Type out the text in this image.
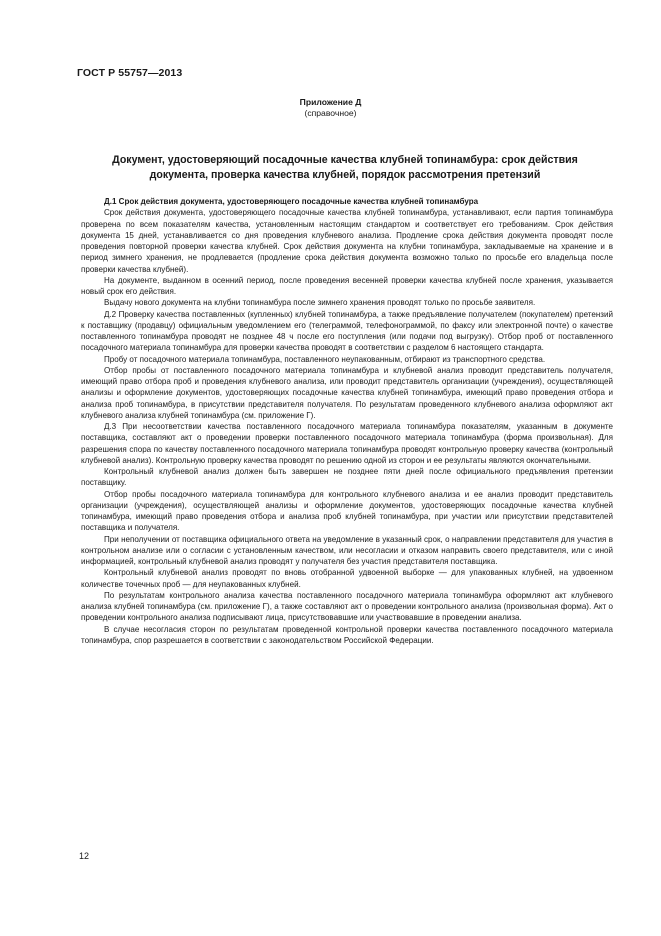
ГОСТ Р 55757—2013
Приложение Д
(справочное)
Документ, удостоверяющий посадочные качества клубней топинамбура: срок действия
документа, проверка качества клубней, порядок рассмотрения претензий

Д.1 Срок действия документа, удостоверяющего посадочные качества клубней топинамбура

Срок действия документа, удостоверяющего посадочные качества клубней топинамбура, устанавливают, если партия топинамбура проверена по всем показателям качества, установленным настоящим стандартом и соответствует его требованиям. Срок действия документа 15 дней, устанавливается со дня проведения клубневого анализа. Продление срока действия документа проводят после проведения повторной проверки качества клубней. Срок действия документа на клубни топинамбура, закладываемые на хранение и в период зимнего хранения, не продлевается (продление срока действия документа возможно только по просьбе его владельца после проверки качества клубней).

На документе, выданном в осенний период, после проведения весенней проверки качества клубней после хранения, указывается новый срок его действия.

Выдачу нового документа на клубни топинамбура после зимнего хранения проводят только по просьбе заявителя.

Д.2 Проверку качества поставленных (купленных) клубней топинамбура, а также предъявление получателем (покупателем) претензий к поставщику (продавцу) официальным уведомлением его (телеграммой, телефонограммой, по факсу или электронной почте) о качестве поставленного топинамбура проводят не позднее 48 ч после его поступления (или подачи под выгрузку). Отбор проб от поставленного посадочного материала топинамбура для проверки качества проводят в соответствии с разделом 6 настоящего стандарта.

Пробу от посадочного материала топинамбура, поставленного неупакованным, отбирают из транспортного средства.

Отбор пробы от поставленного посадочного материала топинамбура и клубневой анализ проводит представитель получателя, имеющий право отбора проб и проведения клубневого анализа, или проводит представитель организации (учреждения), осуществляющей анализы и оформление документов, удостоверяющих посадочные качества клубней топинамбура, имеющий право проведения отбора и анализа проб топинамбура, в присутствии представителя получателя. По результатам проведенного клубневого анализа оформляют акт клубневого анализа клубней топинамбура (см. приложение Г).

Д.3 При несоответствии качества поставленного посадочного материала топинамбура показателям, указанным в документе поставщика, составляют акт о проведении проверки поставленного посадочного материала топинамбура (форма произвольная). Для разрешения спора по качеству поставленного посадочного материала топинамбура проводят контрольную проверку качества (контрольный клубневой анализ). Контрольную проверку качества проводят по решению одной из сторон и ее результаты являются окончательными.

Контрольный клубневой анализ должен быть завершен не позднее пяти дней после официального предъявления претензии поставщику.

Отбор пробы посадочного материала топинамбура для контрольного клубневого анализа и ее анализ проводит представитель организации (учреждения), осуществляющей анализы и оформление документов, удостоверяющих посадочные качества клубней топинамбура, имеющий право проведения отбора и анализа проб клубней топинамбура, при участии или присутствии представителей поставщика и получателя.

При неполучении от поставщика официального ответа на уведомление в указанный срок, о направлении представителя для участия в контрольном анализе или о согласии с установленным качеством, или несогласии и отказом направить своего представителя, или с иной информацией, контрольный клубневой анализ проводят у получателя без участия представителя поставщика.

Контрольный клубневой анализ проводят по вновь отобранной удвоенной выборке — для упакованных клубней, на удвоенном количестве точечных проб — для неупакованных клубней.

По результатам контрольного анализа качества поставленного посадочного материала топинамбура оформляют акт клубневого анализа клубней топинамбура (см. приложение Г), а также составляют акт о проведении контрольного анализа (произвольная форма). Акт о проведении контрольного анализа подписывают лица, присутствовавшие или участвовавшие в проведении анализа.

В случае несогласия сторон по результатам проведенной контрольной проверки качества поставленного посадочного материала топинамбура, спор разрешается в соответствии с законодательством Российской Федерации.

12
